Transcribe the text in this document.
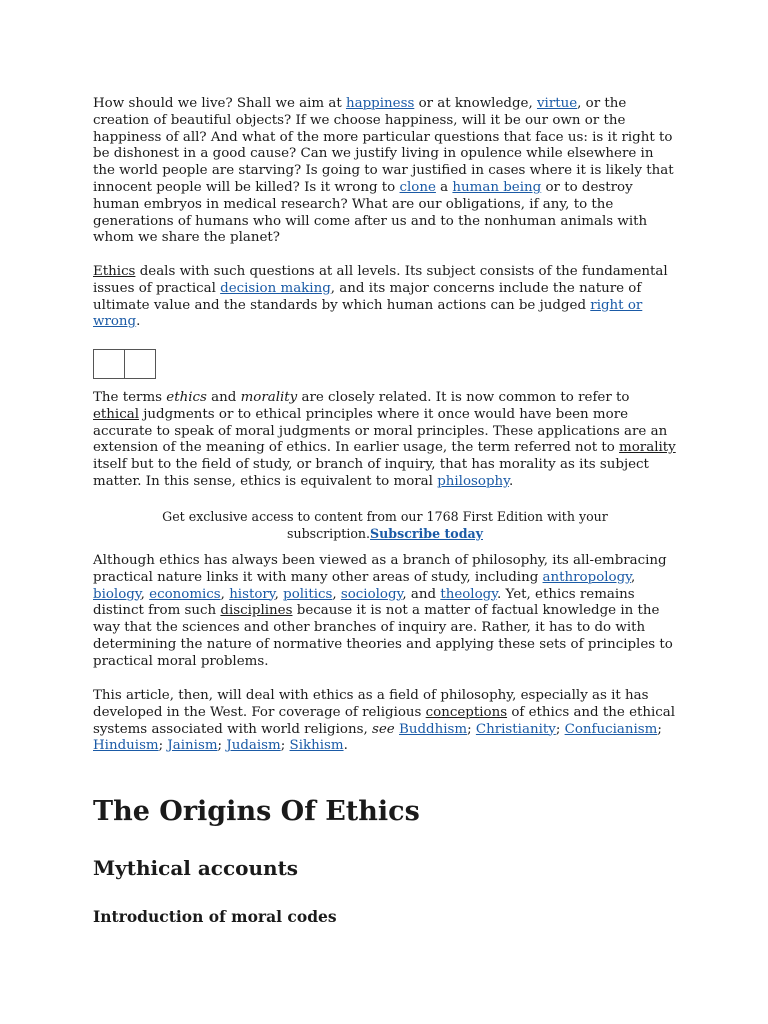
How should we live? Shall we aim at happiness or at knowledge, virtue, or the creation of beautiful objects? If we choose happiness, will it be our own or the happiness of all? And what of the more particular questions that face us: is it right to be dishonest in a good cause? Can we justify living in opulence while elsewhere in the world people are starving? Is going to war justified in cases where it is likely that innocent people will be killed? Is it wrong to clone a human being or to destroy human embryos in medical research? What are our obligations, if any, to the generations of humans who will come after us and to the nonhuman animals with whom we share the planet?

Ethics deals with such questions at all levels. Its subject consists of the fundamental issues of practical decision making, and its major concerns include the nature of ultimate value and the standards by which human actions can be judged right or wrong.

The terms ethics and morality are closely related. It is now common to refer to ethical judgments or to ethical principles where it once would have been more accurate to speak of moral judgments or moral principles. These applications are an extension of the meaning of ethics. In earlier usage, the term referred not to morality itself but to the field of study, or branch of inquiry, that has morality as its subject matter. In this sense, ethics is equivalent to moral philosophy.

Get exclusive access to content from our 1768 First Edition with your subscription.Subscribe today

Although ethics has always been viewed as a branch of philosophy, its all-embracing practical nature links it with many other areas of study, including anthropology, biology, economics, history, politics, sociology, and theology. Yet, ethics remains distinct from such disciplines because it is not a matter of factual knowledge in the way that the sciences and other branches of inquiry are. Rather, it has to do with determining the nature of normative theories and applying these sets of principles to practical moral problems.

This article, then, will deal with ethics as a field of philosophy, especially as it has developed in the West. For coverage of religious conceptions of ethics and the ethical systems associated with world religions, see Buddhism; Christianity; Confucianism; Hinduism; Jainism; Judaism; Sikhism.

The Origins Of Ethics
Mythical accounts
Introduction of moral codes
